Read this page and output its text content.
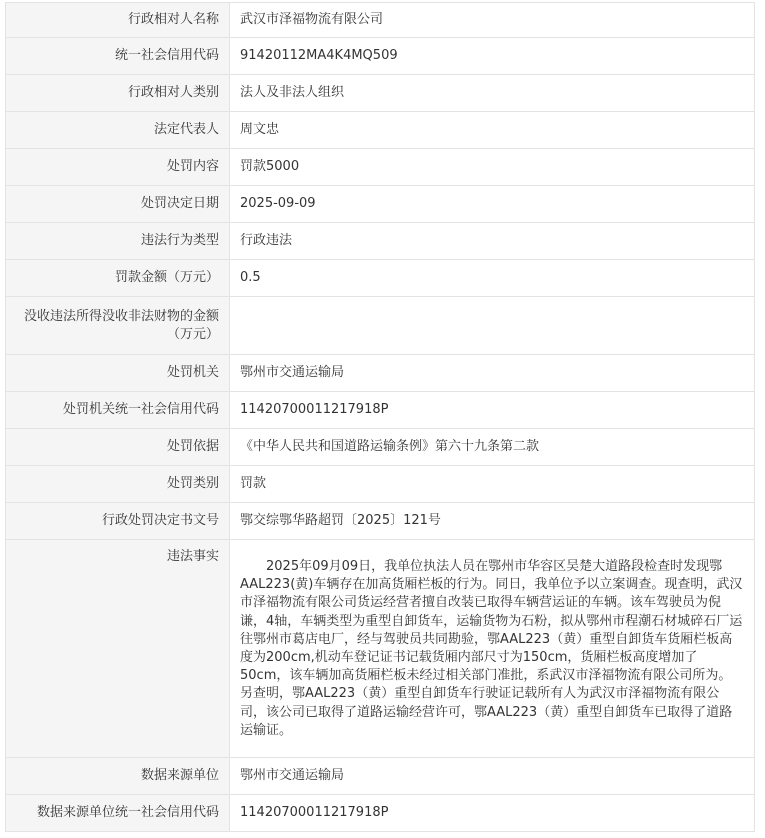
行政相对人名称	武汉市泽福物流有限公司
统一社会信用代码	91420112MA4K4MQ509
行政相对人类别	法人及非法人组织
法定代表人	周文忠
处罚内容	罚款5000
处罚决定日期	2025-09-09
违法行为类型	行政违法
罚款金额（万元）	0.5
没收违法所得没收非法财物的金额（万元）	
处罚机关	鄂州市交通运输局
处罚机关统一社会信用代码	1142070001121791​8P
处罚依据	《中华人民共和国道路运输条例》第六十九条第二款
处罚类别	罚款
行政处罚决定书文号	鄂交综鄂华路超罚〔2025〕121号
违法事实	2025年09月09日，我单位执法人员在鄂州市华容区吴楚大道路段检查时发现鄂AAL223(黄)车辆存在加高货厢栏板的行为。同日，我单位予以立案调查。现查明，武汉市泽福物流有限公司货运经营者擅自改装已取得车辆营运证的车辆。该车驾驶员为倪谦，4轴，车辆类型为重型自卸货车，运输货物为石粉，拟从鄂州市程潮石材城碎石厂运往鄂州市葛店电厂，经与驾驶员共同勘验，鄂AAL223（黄）重型自卸货车货厢栏板高度为200cm,机动车登记证书记载货厢内部尺寸为150cm，货厢栏板高度增加了50cm，该车辆加高货厢栏板未经过相关部门准批，系武汉市泽福物流有限公司所为。另查明，鄂AAL223（黄）重型自卸货车行驶证记载所有人为武汉市泽福物流有限公司，该公司已取得了道路运输经营许可，鄂AAL223（黄）重型自卸货车已取得了道路运输证。
数据来源单位	鄂州市交通运输局
数据来源单位统一社会信用代码	11420700011217918P
